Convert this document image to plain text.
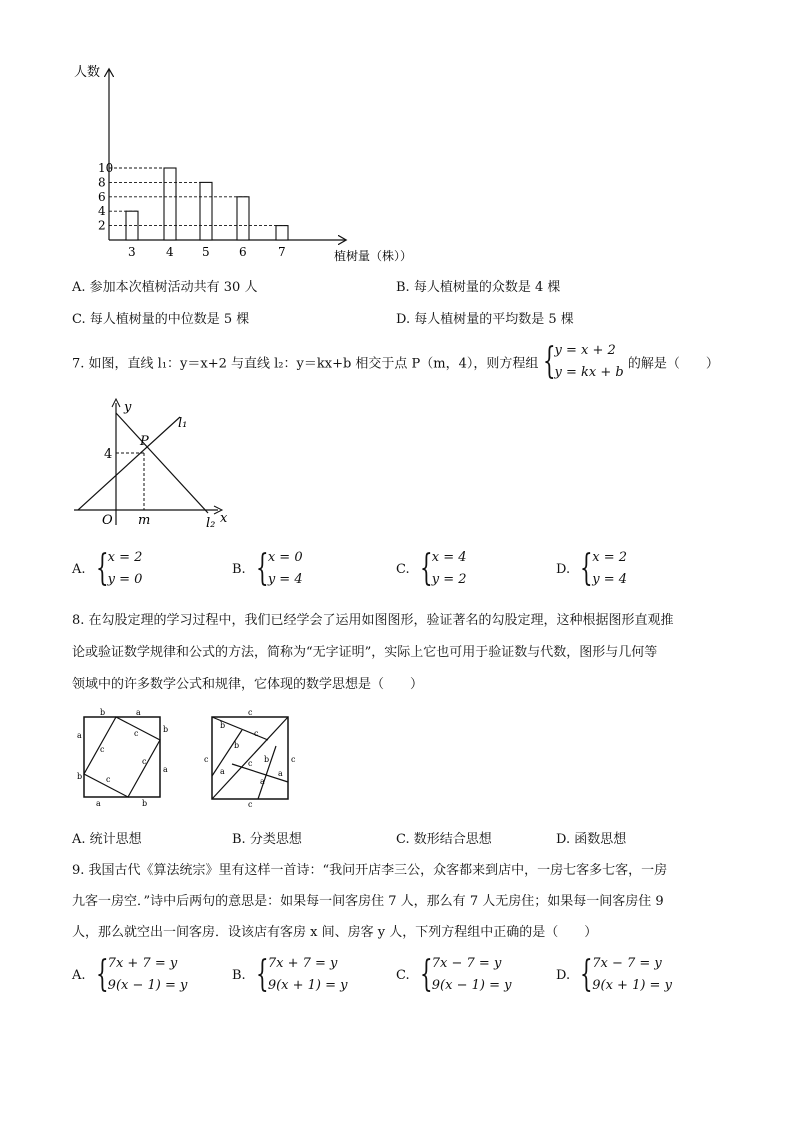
人数
植树量（株））
2
4
6
8
10
3	4 5 6	7
A. 参加本次植树活动共有 30 人	B. 每人植树量的众数是 4 棵
C. 每人植树量的中位数是 5 棵	D. 每人植树量的平均数是 5 棵
7. 如图，直线 l₁：y＝x+2 与直线 l₂：y＝kx+b 相交于点 P（m，4），则方程组 { y = x + 2
y = kx + b
的解是（　　）
y
x
O
P
4
m
l₁
l₂
A. { x = 2
y = 0
B. { x = 0
y = 4
C. { x = 4
y = 2
D. { x = 2
y = 4
8. 在勾股定理的学习过程中，我们已经学会了运用如图图形，验证著名的勾股定理，这种根据图形直观推
论或验证数学规律和公式的方法，简称为“无字证明”，实际上它也可用于验证数与代数，图形与几何等
领域中的许多数学公式和规律，它体现的数学思想是（　　）
b	a
a
b
b
a
a	b
c
c
c
c
c
c	c
c
b
c
b
a
c b
a
a
A. 统计思想	B. 分类思想	C. 数形结合思想	D. 函数思想
9. 我国古代《算法统宗》里有这样一首诗：“我问开店李三公，众客都来到店中，一房七客多七客，一房
九客一房空．”诗中后两句的意思是：如果每一间客房住 7 人，那么有 7 人无房住；如果每一间客房住 9
人，那么就空出一间客房．设该店有客房 x 间、房客 y 人，下列方程组中正确的是（　　）
A. { 7x + 7 = y
9(x − 1) = y
B. { 7x + 7 = y
9(x + 1) = y
C. { 7x − 7 = y
9(x − 1) = y
D. { 7x − 7 = y
9(x + 1) = y
